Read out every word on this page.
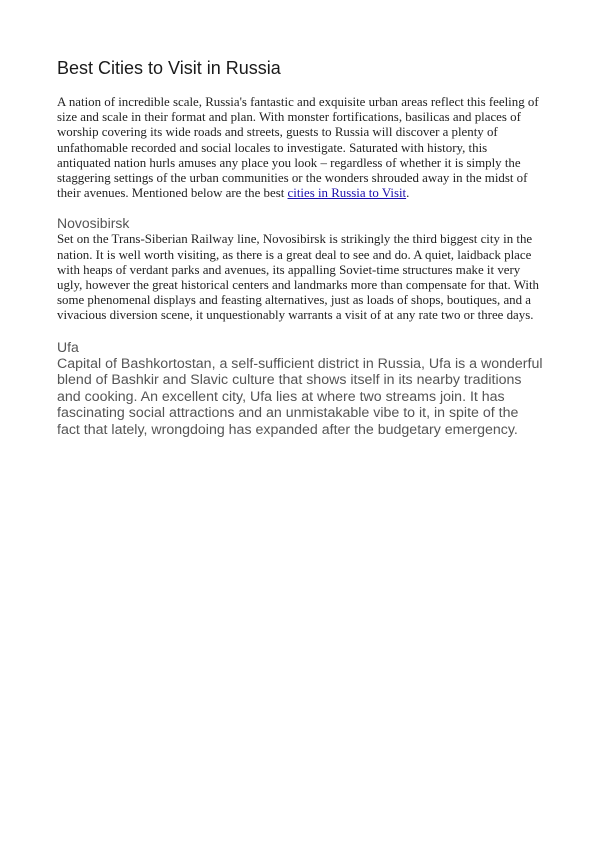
Best Cities to Visit in Russia

A nation of incredible scale, Russia's fantastic and exquisite urban areas reflect this feeling of size and scale in their format and plan. With monster fortifications, basilicas and places of worship covering its wide roads and streets, guests to Russia will discover a plenty of unfathomable recorded and social locales to investigate. Saturated with history, this antiquated nation hurls amuses any place you look – regardless of whether it is simply the staggering settings of the urban communities or the wonders shrouded away in the midst of their avenues. Mentioned below are the best cities in Russia to Visit.

Novosibirsk

Set on the Trans-Siberian Railway line, Novosibirsk is strikingly the third biggest city in the nation. It is well worth visiting, as there is a great deal to see and do. A quiet, laidback place with heaps of verdant parks and avenues, its appalling Soviet-time structures make it very ugly, however the great historical centers and landmarks more than compensate for that. With some phenomenal displays and feasting alternatives, just as loads of shops, boutiques, and a vivacious diversion scene, it unquestionably warrants a visit of at any rate two or three days.

Ufa

Capital of Bashkortostan, a self-sufficient district in Russia, Ufa is a wonderful blend of Bashkir and Slavic culture that shows itself in its nearby traditions and cooking. An excellent city, Ufa lies at where two streams join. It has fascinating social attractions and an unmistakable vibe to it, in spite of the fact that lately, wrongdoing has expanded after the budgetary emergency.
